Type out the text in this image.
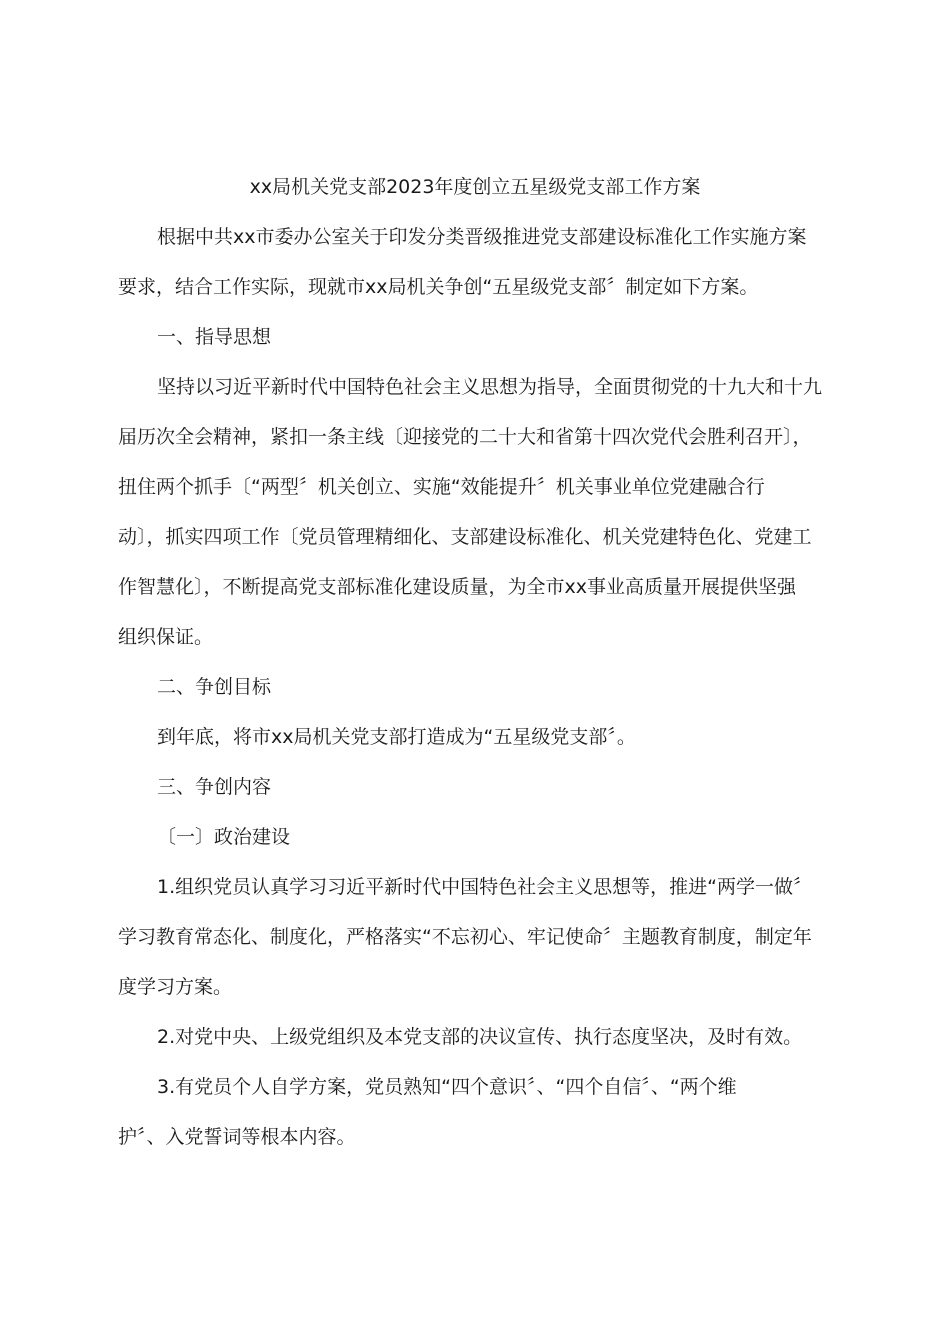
xx局机关党支部2023年度创立五星级党支部工作方案
根据中共xx市委办公室关于印发分类晋级推进党支部建设标准化工作实施方案
要求，结合工作实际，现就市xx局机关争创“五星级党支部〞制定如下方案。
一、指导思想
坚持以习近平新时代中国特色社会主义思想为指导，全面贯彻党的十九大和十九
届历次全会精神，紧扣一条主线〔迎接党的二十大和省第十四次党代会胜利召开〕，
扭住两个抓手〔“两型〞机关创立、实施“效能提升〞机关事业单位党建融合行
动〕，抓实四项工作〔党员管理精细化、支部建设标准化、机关党建特色化、党建工
作智慧化〕，不断提高党支部标准化建设质量，为全市xx事业高质量开展提供坚强
组织保证。
二、争创目标
到年底，将市xx局机关党支部打造成为“五星级党支部〞。
三、争创内容
〔一〕政治建设
1.组织党员认真学习习近平新时代中国特色社会主义思想等，推进“两学一做〞
学习教育常态化、制度化，严格落实“不忘初心、牢记使命〞主题教育制度，制定年
度学习方案。
2.对党中央、上级党组织及本党支部的决议宣传、执行态度坚决，及时有效。
3.有党员个人自学方案，党员熟知“四个意识〞、“四个自信〞、“两个维
护〞、入党誓词等根本内容。
